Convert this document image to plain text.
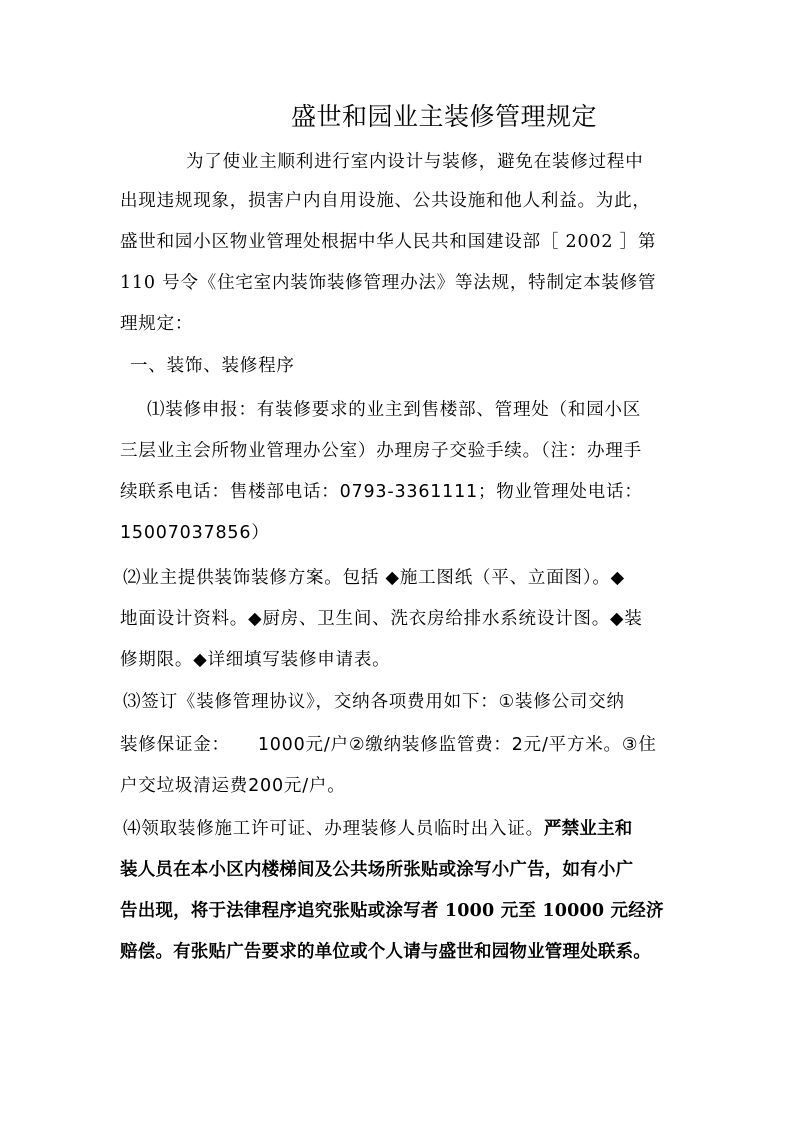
盛世和园业主装修管理规定
为了使业主顺利进行室内设计与装修，避免在装修过程中
出现违规现象，损害户内自用设施、公共设施和他人利益。为此，
盛世和园小区物业管理处根据中华人民共和国建设部［ 2002 ］第
110 号令《住宅室内装饰装修管理办法》等法规，特制定本装修管
理规定：
一、装饰、装修程序
⑴装修申报：有装修要求的业主到售楼部、管理处（和园小区
三层业主会所物业管理办公室）办理房子交验手续。（注：办理手
续联系电话：售楼部电话：0793-3361111；物业管理处电话：
15007037856）
⑵业主提供装饰装修方案。包括 ◆施工图纸（平、立面图）。◆
地面设计资料。◆厨房、卫生间、洗衣房给排水系统设计图。◆装
修期限。◆详细填写装修申请表。
⑶签订《装修管理协议》，交纳各项费用如下：①装修公司交纳
装修保证金： 1000元/户②缴纳装修监管费：2元/平方米。③住
户交垃圾清运费200元/户。
⑷领取装修施工许可证、办理装修人员临时出入证。严禁业主和
装人员在本小区内楼梯间及公共场所张贴或涂写小广告，如有小广
告出现，将于法律程序追究张贴或涂写者 1000 元至 10000 元经济
赔偿。有张贴广告要求的单位或个人请与盛世和园物业管理处联系。
